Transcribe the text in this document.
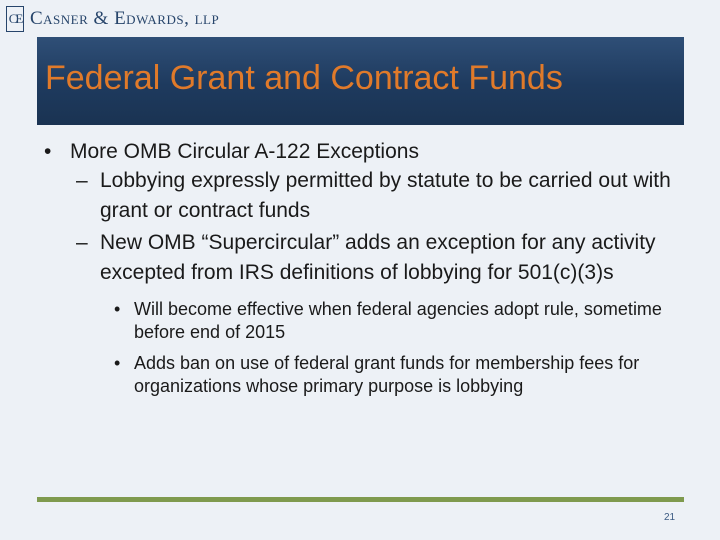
CE Casner & Edwards, llp
Federal Grant and Contract Funds

• More OMB Circular A-122 Exceptions

– Lobbying expressly permitted by statute to be carried out with grant or contract funds

– New OMB “Supercircular” adds an exception for any activity excepted from IRS definitions of lobbying for 501(c)(3)s

• Will become effective when federal agencies adopt rule, sometime before end of 2015

• Adds ban on use of federal grant funds for membership fees for organizations whose primary purpose is lobbying

21
